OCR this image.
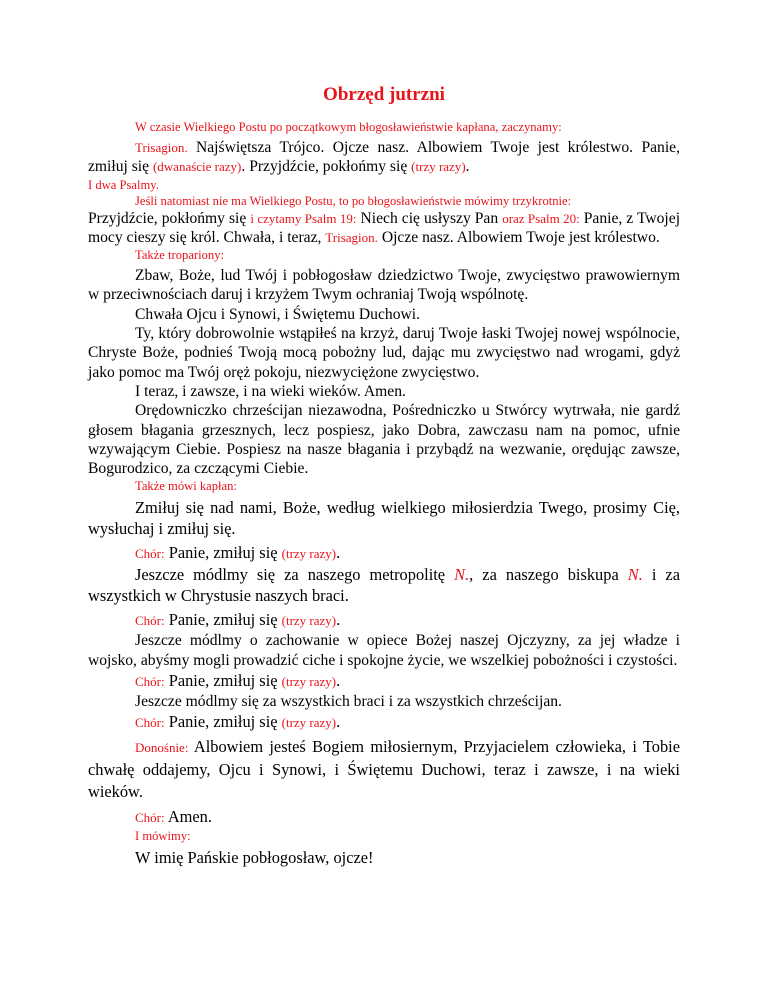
Obrzęd jutrzni

W czasie Wielkiego Postu po początkowym błogosławieństwie kapłana, zaczynamy:

Trisagion. Najświętsza Trójco. Ojcze nasz. Albowiem Twoje jest królestwo. Panie, zmiłuj się (dwanaście razy). Przyjdźcie, pokłońmy się (trzy razy).

I dwa Psalmy.

Jeśli natomiast nie ma Wielkiego Postu, to po błogosławieństwie mówimy trzykrotnie:

Przyjdźcie, pokłońmy się i czytamy Psalm 19: Niech cię usłyszy Pan oraz Psalm 20: Panie, z Twojej mocy cieszy się król. Chwała, i teraz, Trisagion. Ojcze nasz. Albowiem Twoje jest królestwo.

Także tropariony:

Zbaw, Boże, lud Twój i pobłogosław dziedzictwo Twoje, zwycięstwo prawowiernym w przeciwnościach daruj i krzyżem Twym ochraniaj Twoją wspólnotę.

Chwała Ojcu i Synowi, i Świętemu Duchowi.

Ty, który dobrowolnie wstąpiłeś na krzyż, daruj Twoje łaski Twojej nowej wspólnocie, Chryste Boże, podnieś Twoją mocą pobożny lud, dając mu zwycięstwo nad wrogami, gdyż jako pomoc ma Twój oręż pokoju, niezwyciężone zwycięstwo.

I teraz, i zawsze, i na wieki wieków. Amen.

Orędowniczko chrześcijan niezawodna, Pośredniczko u Stwórcy wytrwała, nie gardź głosem błagania grzesznych, lecz pospiesz, jako Dobra, zawczasu nam na pomoc, ufnie wzywającym Ciebie. Pospiesz na nasze błagania i przybądź na wezwanie, orędując zawsze, Bogurodzico, za czczącymi Ciebie.

Także mówi kapłan:

Zmiłuj się nad nami, Boże, według wielkiego miłosierdzia Twego, prosimy Cię, wysłuchaj i zmiłuj się.

Chór: Panie, zmiłuj się (trzy razy).

Jeszcze módlmy się za naszego metropolitę N., za naszego biskupa N. i za wszystkich w Chrystusie naszych braci.

Chór: Panie, zmiłuj się (trzy razy).

Jeszcze módlmy o zachowanie w opiece Bożej naszej Ojczyzny, za jej władze i wojsko, abyśmy mogli prowadzić ciche i spokojne życie, we wszelkiej pobożności i czystości.

Chór: Panie, zmiłuj się (trzy razy).

Jeszcze módlmy się za wszystkich braci i za wszystkich chrześcijan.

Chór: Panie, zmiłuj się (trzy razy).

Donośnie: Albowiem jesteś Bogiem miłosiernym, Przyjacielem człowieka, i Tobie chwałę oddajemy, Ojcu i Synowi, i Świętemu Duchowi, teraz i zawsze, i na wieki wieków.

Chór: Amen.

I mówimy:

W imię Pańskie pobłogosław, ojcze!
